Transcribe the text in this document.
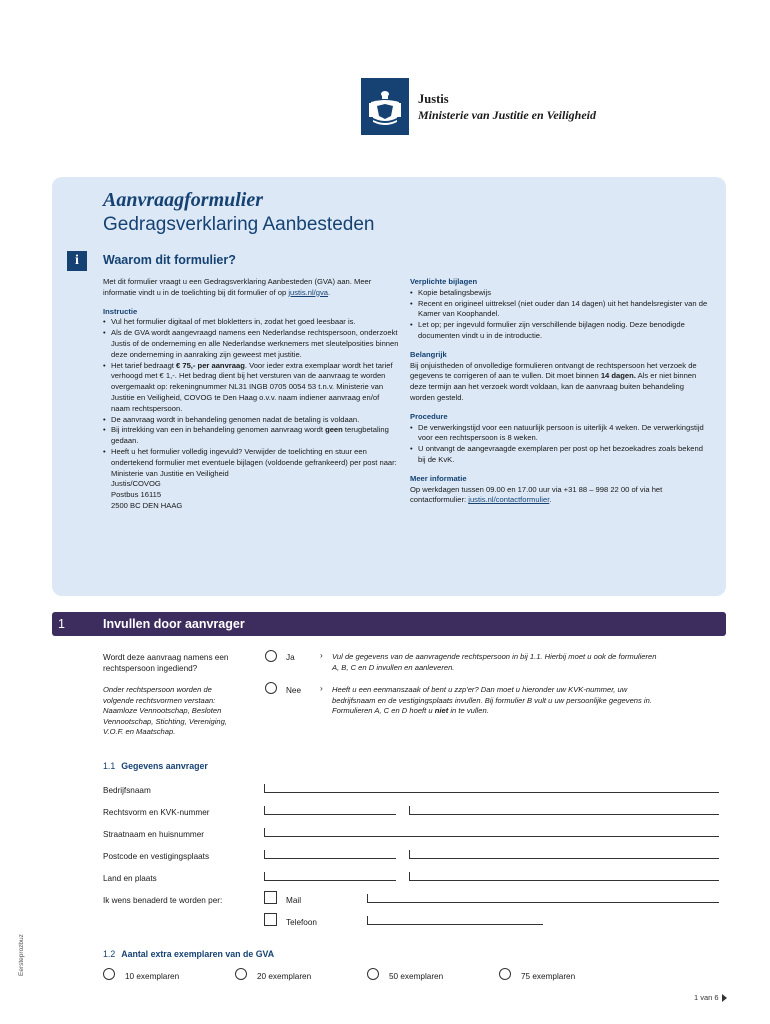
Justis
Ministerie van Justitie en Veiligheid
Aanvraagformulier
Gedragsverklaring Aanbesteden
i	Waarom dit formulier?

Met dit formulier vraagt u een Gedragsverklaring Aanbesteden (GVA) aan. Meer informatie vindt u in de toelichting bij dit formulier of op justis.nl/gva.

Instructie

• Vul het formulier digitaal of met blokletters in, zodat het goed leesbaar is.

• Als de GVA wordt aangevraagd namens een Nederlandse rechtspersoon, onderzoekt Justis of de onderneming en alle Nederlandse werknemers met sleutelposities binnen deze onderneming in aanraking zijn geweest met justitie.

• Het tarief bedraagt € 75,- per aanvraag. Voor ieder extra exemplaar wordt het tarief verhoogd met € 1,-. Het bedrag dient bij het versturen van de aanvraag te worden overgemaakt op: rekeningnummer NL31 INGB 0705 0054 53 t.n.v. Ministerie van Justitie en Veiligheid, COVOG te Den Haag o.v.v. naam indiener aanvraag en/of naam rechtspersoon.

• De aanvraag wordt in behandeling genomen nadat de betaling is voldaan.

• Bij intrekking van een in behandeling genomen aanvraag wordt geen terugbetaling gedaan.

• Heeft u het formulier volledig ingevuld? Verwijder de toelichting en stuur een ondertekend formulier met eventuele bijlagen (voldoende gefrankeerd) per post naar:

Ministerie van Justitie en Veiligheid

Justis/COVOG

Postbus 16115

2500 BC DEN HAAG

Verplichte bijlagen

• Kopie betalingsbewijs

• Recent en origineel uittreksel (niet ouder dan 14 dagen) uit het handelsregister van de Kamer van Koophandel.

• Let op; per ingevuld formulier zijn verschillende bijlagen nodig. Deze benodigde documenten vindt u in de introductie.

Belangrijk

Bij onjuistheden of onvolledige formulieren ontvangt de rechtspersoon het verzoek de gegevens te corrigeren of aan te vullen. Dit moet binnen 14 dagen. Als er niet binnen deze termijn aan het verzoek wordt voldaan, kan de aanvraag buiten behandeling worden gesteld.

Procedure

• De verwerkingstijd voor een natuurlijk persoon is uiterlijk 4 weken. De verwerkingstijd voor een rechtspersoon is 8 weken.

• U ontvangt de aangevraagde exemplaren per post op het bezoekadres zoals bekend bij de KvK.

Meer informatie

Op werkdagen tussen 09.00 en 17.00 uur via +31 88 – 998 22 00 of via het contactformulier: justis.nl/contactformulier.

1	Invullen door aanvrager
Wordt deze aanvraag namens een rechtspersoon ingediend?
Onder rechtspersoon worden de volgende rechtsvormen verstaan: Naamloze Vennootschap, Besloten Vennootschap, Stichting, Vereniging, V.O.F. en Maatschap.
Ja	› Vul de gegevens van de aanvragende rechtspersoon in bij 1.1. Hierbij moet u ook de formulieren A, B, C en D invullen en aanleveren.
Nee › Heeft u een eenmanszaak of bent u zzp'er? Dan moet u hieronder uw KVK-nummer, uw bedrijfsnaam en de vestigingsplaats invullen. Bij formulier B vult u uw persoonlijke gegevens in. Formulieren A, C en D hoeft u niet in te vullen.
1.1 Gegevens aanvrager
Bedrijfsnaam
Rechtsvorm en KVK-nummer
Straatnaam en huisnummer
Postcode en vestigingsplaats
Land en plaats
Ik wens benaderd te worden per:	Mail
Telefoon
1.2 Aantal extra exemplaren van de GVA
10 exemplaren	20 exemplaren	50 exemplaren	75 exemplaren
Eersteprozbuz
1 van 6
